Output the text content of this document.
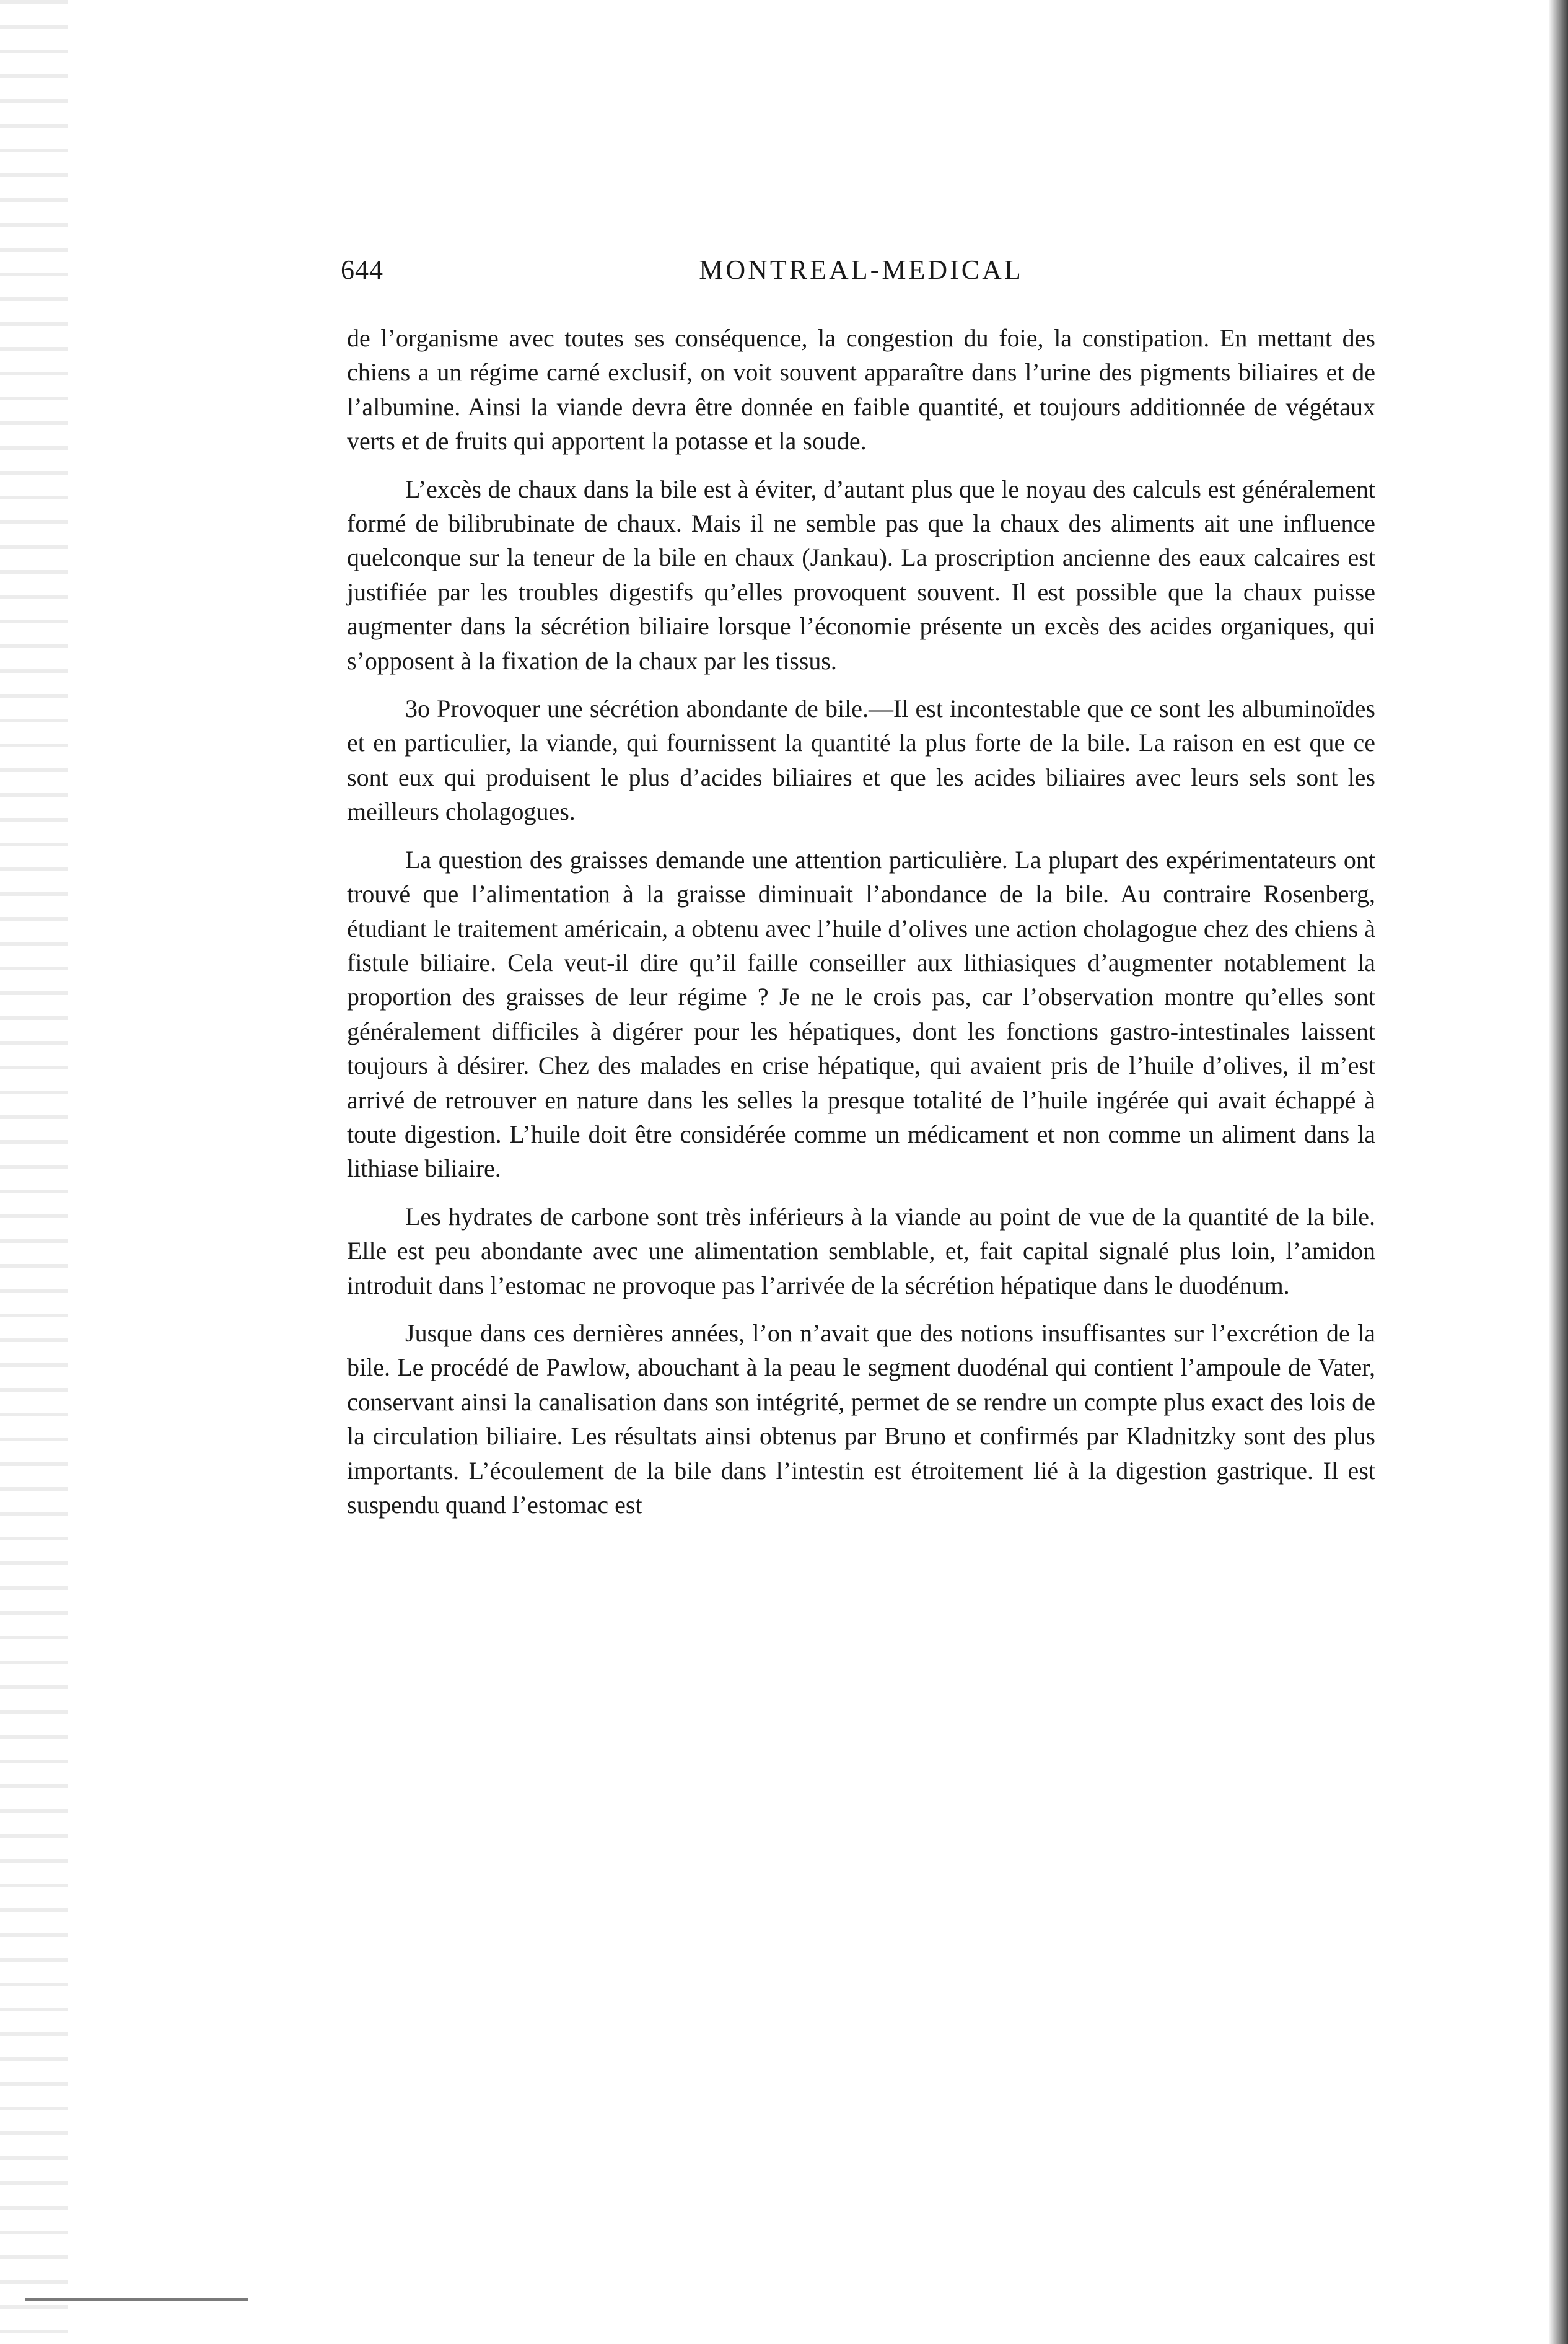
644	MONTREAL-MEDICAL

de l’organisme avec toutes ses conséquence, la congestion du foie, la constipation. En mettant des chiens a un régime carné exclusif, on voit souvent apparaître dans l’urine des pigments biliaires et de l’albumine. Ainsi la viande devra être donnée en faible quantité, et toujours additionnée de végétaux verts et de fruits qui apportent la potasse et la soude.

L’excès de chaux dans la bile est à éviter, d’autant plus que le noyau des calculs est généralement formé de bilibrubinate de chaux. Mais il ne semble pas que la chaux des aliments ait une influence quelconque sur la teneur de la bile en chaux (Jankau). La proscription ancienne des eaux calcaires est justifiée par les troubles digestifs qu’elles provoquent souvent. Il est possible que la chaux puisse augmenter dans la sécrétion biliaire lorsque l’économie présente un excès des acides organiques, qui s’opposent à la fixation de la chaux par les tissus.

3o Provoquer une sécrétion abondante de bile.—Il est incontestable que ce sont les albuminoïdes et en particulier, la viande, qui fournissent la quantité la plus forte de la bile. La raison en est que ce sont eux qui produisent le plus d’acides biliaires et que les acides biliaires avec leurs sels sont les meilleurs cholagogues.

La question des graisses demande une attention particulière. La plupart des expérimentateurs ont trouvé que l’alimentation à la graisse diminuait l’abondance de la bile. Au contraire Rosenberg, étudiant le traitement américain, a obtenu avec l’huile d’olives une action cholagogue chez des chiens à fistule biliaire. Cela veut-il dire qu’il faille conseiller aux lithiasiques d’augmenter notablement la proportion des graisses de leur régime ? Je ne le crois pas, car l’observation montre qu’elles sont généralement difficiles à digérer pour les hépatiques, dont les fonctions gastro-intestinales laissent toujours à désirer. Chez des malades en crise hépatique, qui avaient pris de l’huile d’olives, il m’est arrivé de retrouver en nature dans les selles la presque totalité de l’huile ingérée qui avait échappé à toute digestion. L’huile doit être considérée comme un médicament et non comme un aliment dans la lithiase biliaire.

Les hydrates de carbone sont très inférieurs à la viande au point de vue de la quantité de la bile. Elle est peu abondante avec une alimentation semblable, et, fait capital signalé plus loin, l’amidon introduit dans l’estomac ne provoque pas l’arrivée de la sécrétion hépatique dans le duodénum.

Jusque dans ces dernières années, l’on n’avait que des notions insuffisantes sur l’excrétion de la bile. Le procédé de Pawlow, abouchant à la peau le segment duodénal qui contient l’ampoule de Vater, conservant ainsi la canalisation dans son intégrité, permet de se rendre un compte plus exact des lois de la circulation biliaire. Les résultats ainsi obtenus par Bruno et confirmés par Kladnitzky sont des plus importants. L’écoulement de la bile dans l’intestin est étroitement lié à la digestion gastrique. Il est suspendu quand l’estomac est
